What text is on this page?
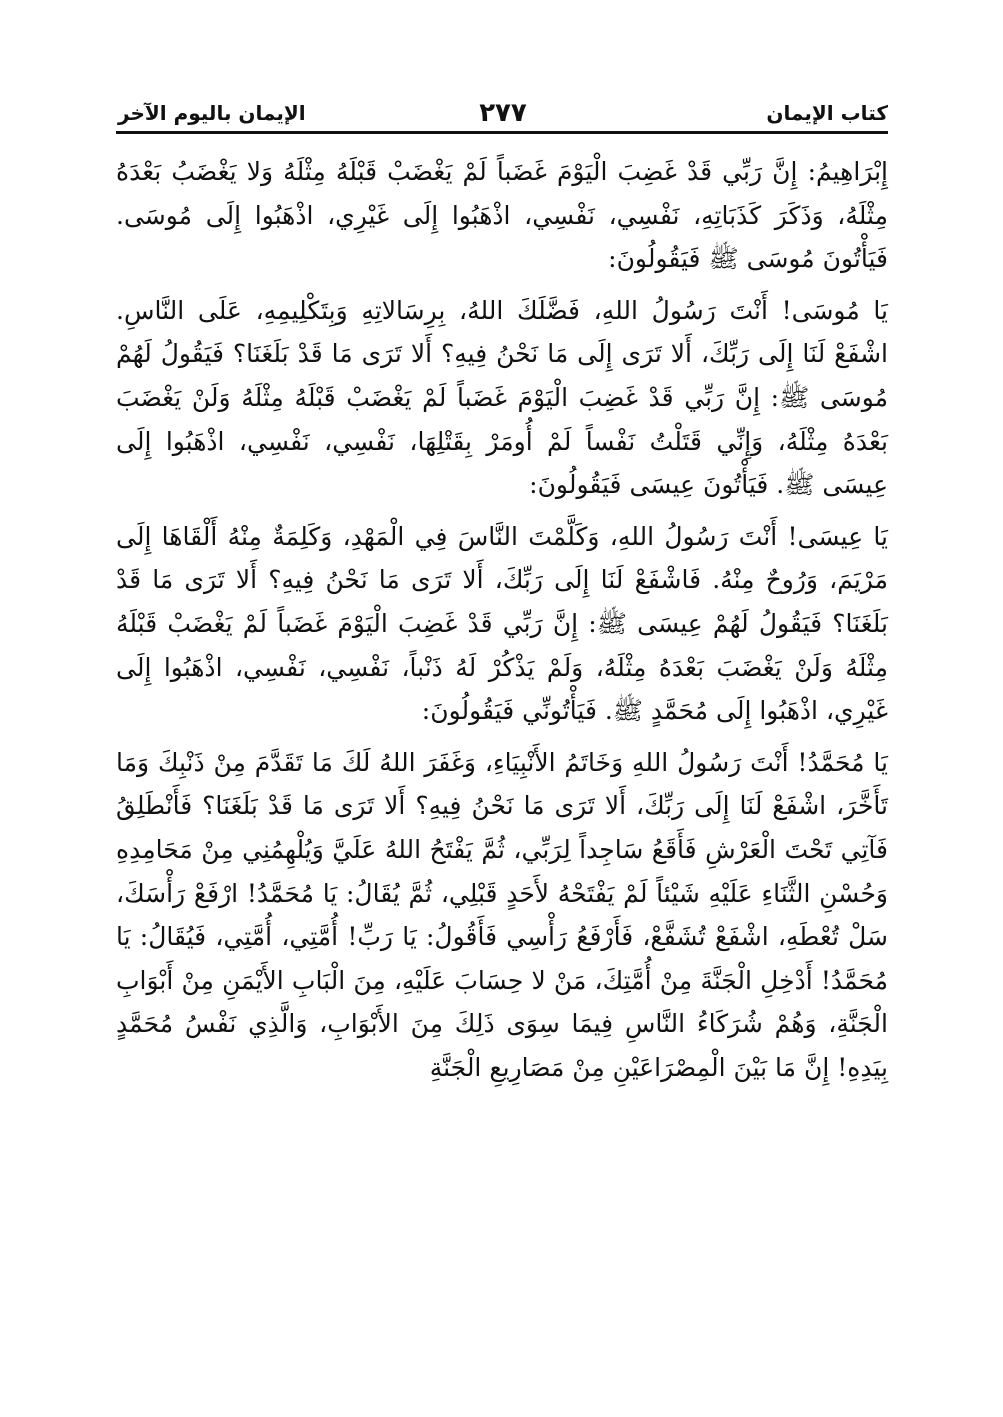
كتاب الإيمان
٢٧٧
الإيمان باليوم الآخر

إِبْرَاهِيمُ: إِنَّ رَبِّي قَدْ غَضِبَ الْيَوْمَ غَضَباً لَمْ يَغْضَبْ قَبْلَهُ مِثْلَهُ وَلا يَغْضَبُ بَعْدَهُ مِثْلَهُ، وَذَكَرَ كَذَبَاتِهِ، نَفْسِي، نَفْسِي، اذْهَبُوا إِلَى غَيْرِي، اذْهَبُوا إِلَى مُوسَى. فَيَأْتُونَ مُوسَى ﷺ فَيَقُولُونَ:

يَا مُوسَى! أَنْتَ رَسُولُ اللهِ، فَضَّلَكَ اللهُ، بِرِسَالاتِهِ وَبِتَكْلِيمِهِ، عَلَى النَّاسِ. اشْفَعْ لَنَا إِلَى رَبِّكَ، أَلا تَرَى إِلَى مَا نَحْنُ فِيهِ؟ أَلا تَرَى مَا قَدْ بَلَغَنَا؟ فَيَقُولُ لَهُمْ مُوسَى ﷺ: إِنَّ رَبِّي قَدْ غَضِبَ الْيَوْمَ غَضَباً لَمْ يَغْضَبْ قَبْلَهُ مِثْلَهُ وَلَنْ يَغْضَبَ بَعْدَهُ مِثْلَهُ، وَإِنِّي قَتَلْتُ نَفْساً لَمْ أُومَرْ بِقَتْلِهَا، نَفْسِي، نَفْسِي، اذْهَبُوا إِلَى عِيسَى ﷺ. فَيَأْتُونَ عِيسَى فَيَقُولُونَ:

يَا عِيسَى! أَنْتَ رَسُولُ اللهِ، وَكَلَّمْتَ النَّاسَ فِي الْمَهْدِ، وَكَلِمَةٌ مِنْهُ أَلْقَاهَا إِلَى مَرْيَمَ، وَرُوحٌ مِنْهُ. فَاشْفَعْ لَنَا إِلَى رَبِّكَ، أَلا تَرَى مَا نَحْنُ فِيهِ؟ أَلا تَرَى مَا قَدْ بَلَغَنَا؟ فَيَقُولُ لَهُمْ عِيسَى ﷺ: إِنَّ رَبِّي قَدْ غَضِبَ الْيَوْمَ غَضَباً لَمْ يَغْضَبْ قَبْلَهُ مِثْلَهُ وَلَنْ يَغْضَبَ بَعْدَهُ مِثْلَهُ، وَلَمْ يَذْكُرْ لَهُ ذَنْباً، نَفْسِي، نَفْسِي، اذْهَبُوا إِلَى غَيْرِي، اذْهَبُوا إِلَى مُحَمَّدٍ ﷺ. فَيَأْتُونِّي فَيَقُولُونَ:

يَا مُحَمَّدُ! أَنْتَ رَسُولُ اللهِ وَخَاتَمُ الأَنْبِيَاءِ، وَغَفَرَ اللهُ لَكَ مَا تَقَدَّمَ مِنْ ذَنْبِكَ وَمَا تَأَخَّرَ، اشْفَعْ لَنَا إِلَى رَبِّكَ، أَلا تَرَى مَا نَحْنُ فِيهِ؟ أَلا تَرَى مَا قَدْ بَلَغَنَا؟ فَأَنْطَلِقُ فَآتِي تَحْتَ الْعَرْشِ فَأَقَعُ سَاجِداً لِرَبِّي، ثُمَّ يَفْتَحُ اللهُ عَلَيَّ وَيُلْهِمُنِي مِنْ مَحَامِدِهِ وَحُسْنِ الثَّنَاءِ عَلَيْهِ شَيْئاً لَمْ يَفْتَحْهُ لأَحَدٍ قَبْلِي، ثُمَّ يُقَالُ: يَا مُحَمَّدُ! ارْفَعْ رَأْسَكَ، سَلْ تُعْطَهِ، اشْفَعْ تُشَفَّعْ، فَأَرْفَعُ رَأْسِي فَأَقُولُ: يَا رَبِّ! أُمَّتِي، أُمَّتِي، فَيُقَالُ: يَا مُحَمَّدُ! أَدْخِلِ الْجَنَّةَ مِنْ أُمَّتِكَ، مَنْ لا حِسَابَ عَلَيْهِ، مِنَ الْبَابِ الأَيْمَنِ مِنْ أَبْوَابِ الْجَنَّةِ، وَهُمْ شُرَكَاءُ النَّاسِ فِيمَا سِوَى ذَلِكَ مِنَ الأَبْوَابِ، وَالَّذِي نَفْسُ مُحَمَّدٍ بِيَدِهِ! إِنَّ مَا بَيْنَ الْمِصْرَاعَيْنِ مِنْ مَصَارِيعِ الْجَنَّةِ
